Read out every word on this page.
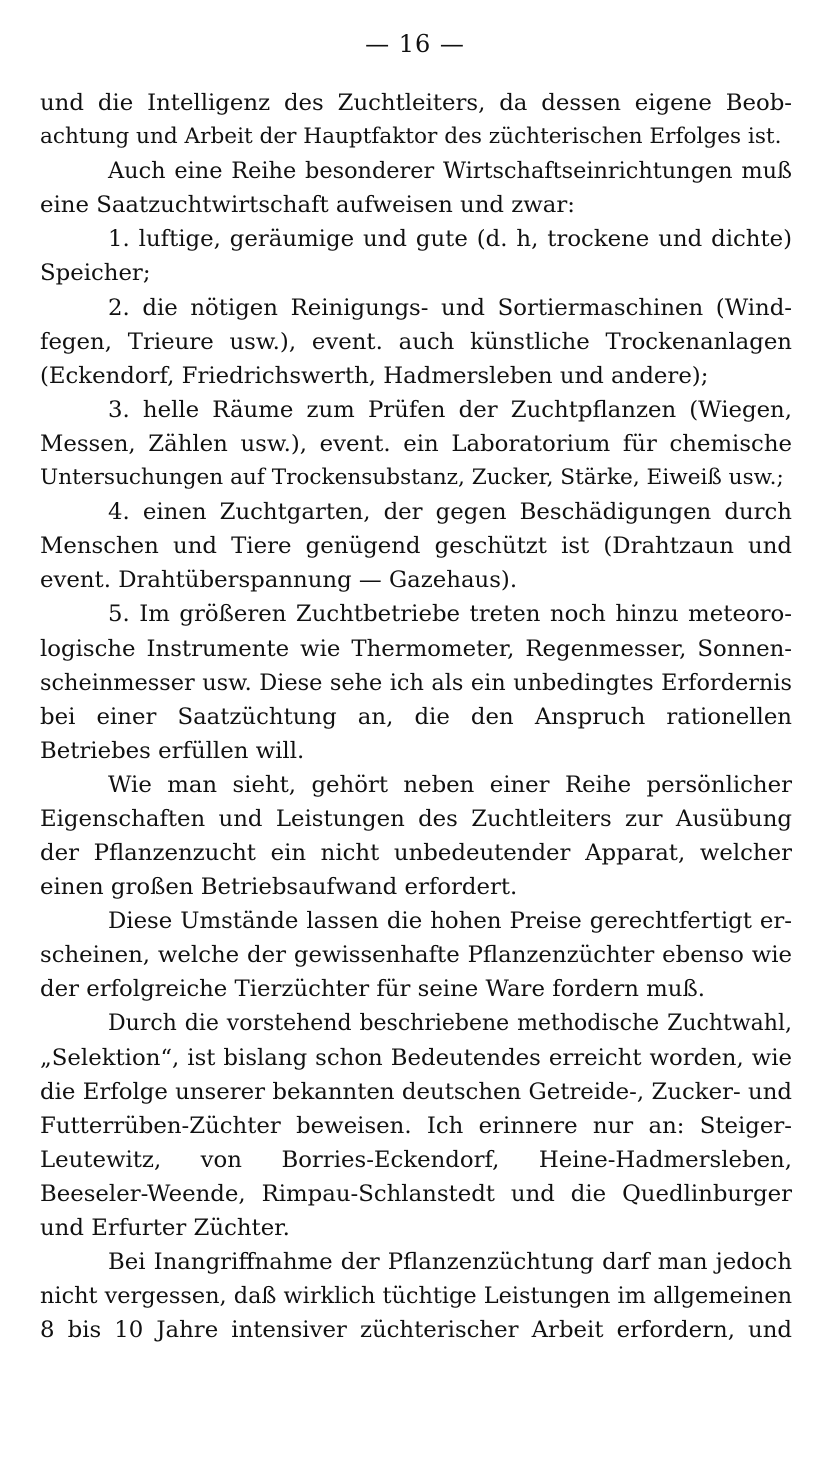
— 16 —
und die Intelligenz des Zuchtleiters, da dessen eigene Beob-
achtung und Arbeit der Hauptfaktor des züchterischen Erfolges ist.
Auch eine Reihe besonderer Wirtschaftseinrichtungen muß
eine Saatzuchtwirtschaft aufweisen und zwar:
1. luftige, geräumige und gute (d. h, trockene und dichte)
Speicher;
2. die nötigen Reinigungs- und Sortiermaschinen (Wind-
fegen, Trieure usw.), event. auch künstliche Trockenanlagen
(Eckendorf, Friedrichswerth, Hadmersleben und andere);
3. helle Räume zum Prüfen der Zuchtpflanzen (Wiegen,
Messen, Zählen usw.), event. ein Laboratorium für chemische
Untersuchungen auf Trockensubstanz, Zucker, Stärke, Eiweiß usw.;
4. einen Zuchtgarten, der gegen Beschädigungen durch
Menschen und Tiere genügend geschützt ist (Drahtzaun und
event. Drahtüberspannung — Gazehaus).
5. Im größeren Zuchtbetriebe treten noch hinzu meteoro-
logische Instrumente wie Thermometer, Regenmesser, Sonnen-
scheinmesser usw. Diese sehe ich als ein unbedingtes Erfordernis
bei einer Saatzüchtung an, die den Anspruch rationellen
Betriebes erfüllen will.
Wie man sieht, gehört neben einer Reihe persönlicher
Eigenschaften und Leistungen des Zuchtleiters zur Ausübung
der Pflanzenzucht ein nicht unbedeutender Apparat, welcher
einen großen Betriebsaufwand erfordert.
Diese Umstände lassen die hohen Preise gerechtfertigt er-
scheinen, welche der gewissenhafte Pflanzenzüchter ebenso wie
der erfolgreiche Tierzüchter für seine Ware fordern muß.
Durch die vorstehend beschriebene methodische Zuchtwahl,
„Selektion“, ist bislang schon Bedeutendes erreicht worden, wie
die Erfolge unserer bekannten deutschen Getreide-, Zucker- und
Futterrüben-Züchter beweisen. Ich erinnere nur an: Steiger-
Leutewitz, von Borries-Eckendorf, Heine-Hadmersleben,
Beeseler-Weende, Rimpau-Schlanstedt und die Quedlinburger
und Erfurter Züchter.
Bei Inangriffnahme der Pflanzenzüchtung darf man jedoch
nicht vergessen, daß wirklich tüchtige Leistungen im allgemeinen
8 bis 10 Jahre intensiver züchterischer Arbeit erfordern, und
